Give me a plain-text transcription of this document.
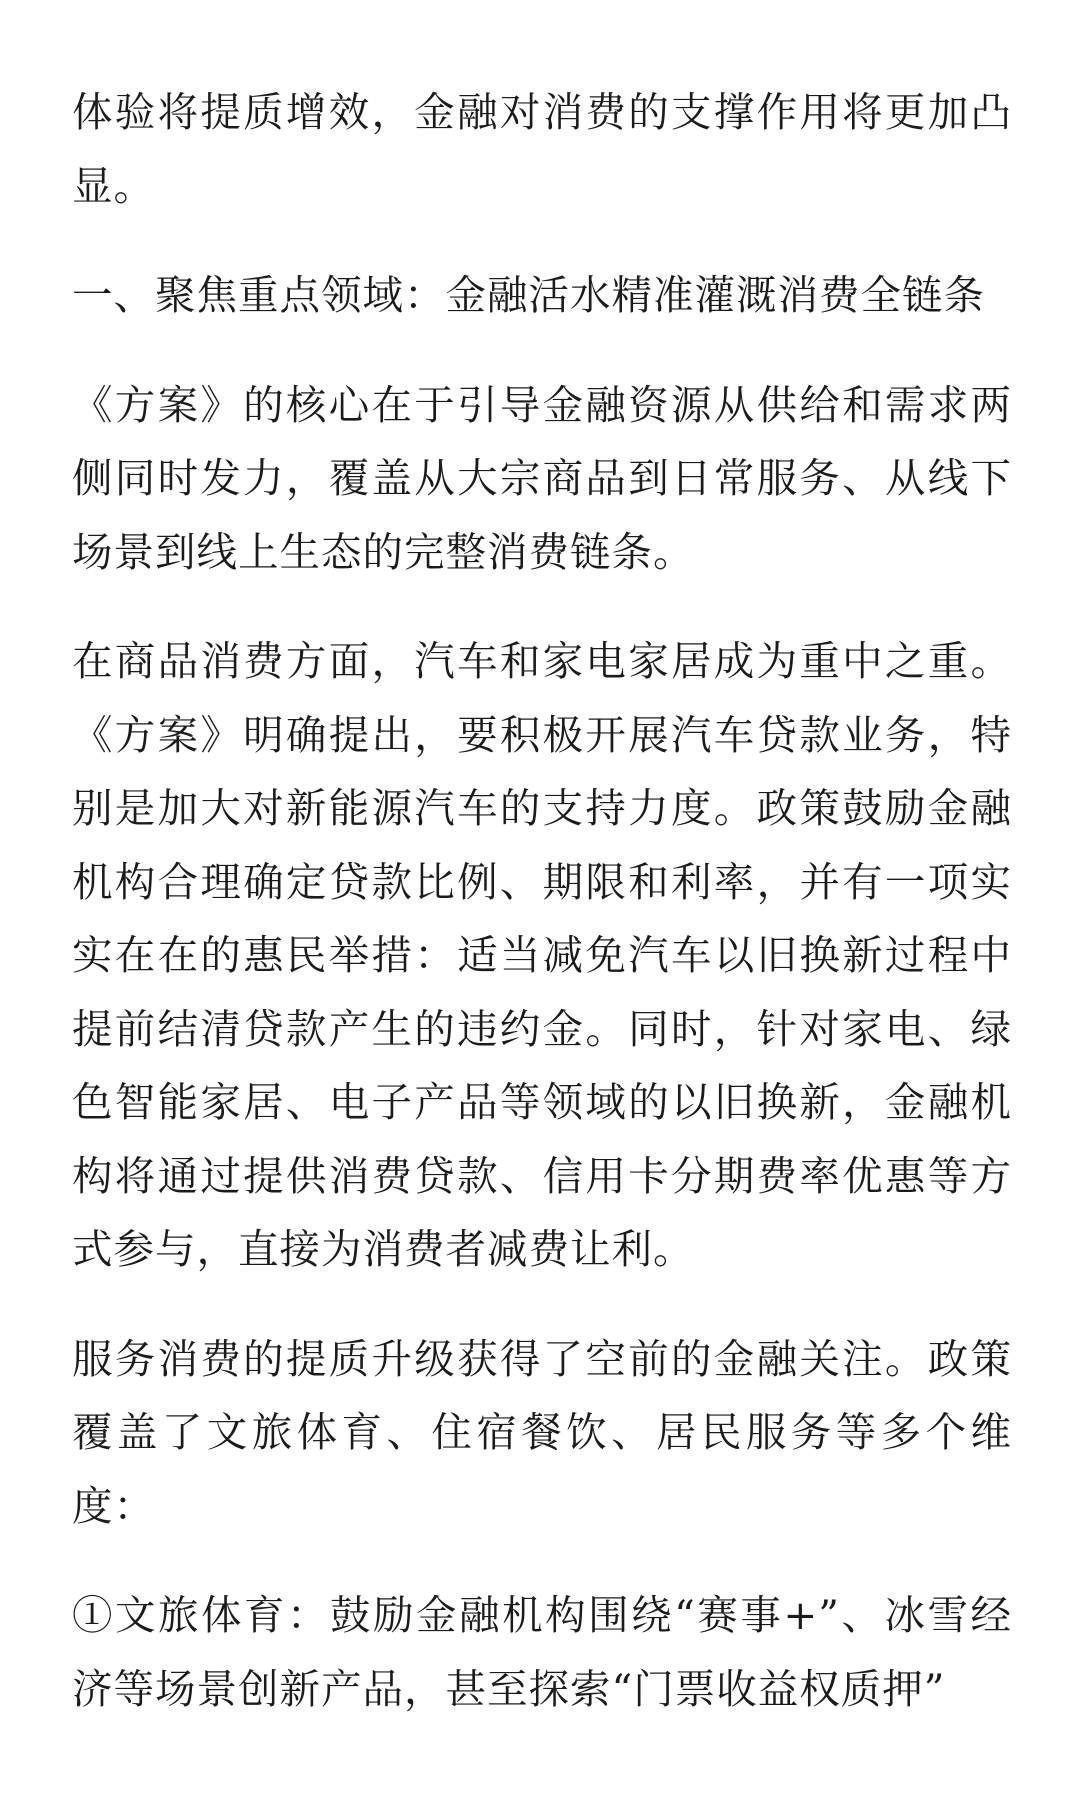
体验将提质增效，金融对消费的支撑作用将更加凸显。

一、聚焦重点领域：金融活水精准灌溉消费全链条

《方案》的核心在于引导金融资源从供给和需求两侧同时发力，覆盖从大宗商品到日常服务、从线下场景到线上生态的完整消费链条。

在商品消费方面，汽车和家电家居成为重中之重。《方案》明确提出，要积极开展汽车贷款业务，特别是加大对新能源汽车的支持力度。政策鼓励金融机构合理确定贷款比例、期限和利率，并有一项实实在在的惠民举措：适当减免汽车以旧换新过程中提前结清贷款产生的违约金。同时，针对家电、绿色智能家居、电子产品等领域的以旧换新，金融机构将通过提供消费贷款、信用卡分期费率优惠等方式参与，直接为消费者减费让利。

服务消费的提质升级获得了空前的金融关注。政策覆盖了文旅体育、住宿餐饮、居民服务等多个维度：

①文旅体育：鼓励金融机构围绕“赛事+”、冰雪经济等场景创新产品，甚至探索“门票收益权质押”
